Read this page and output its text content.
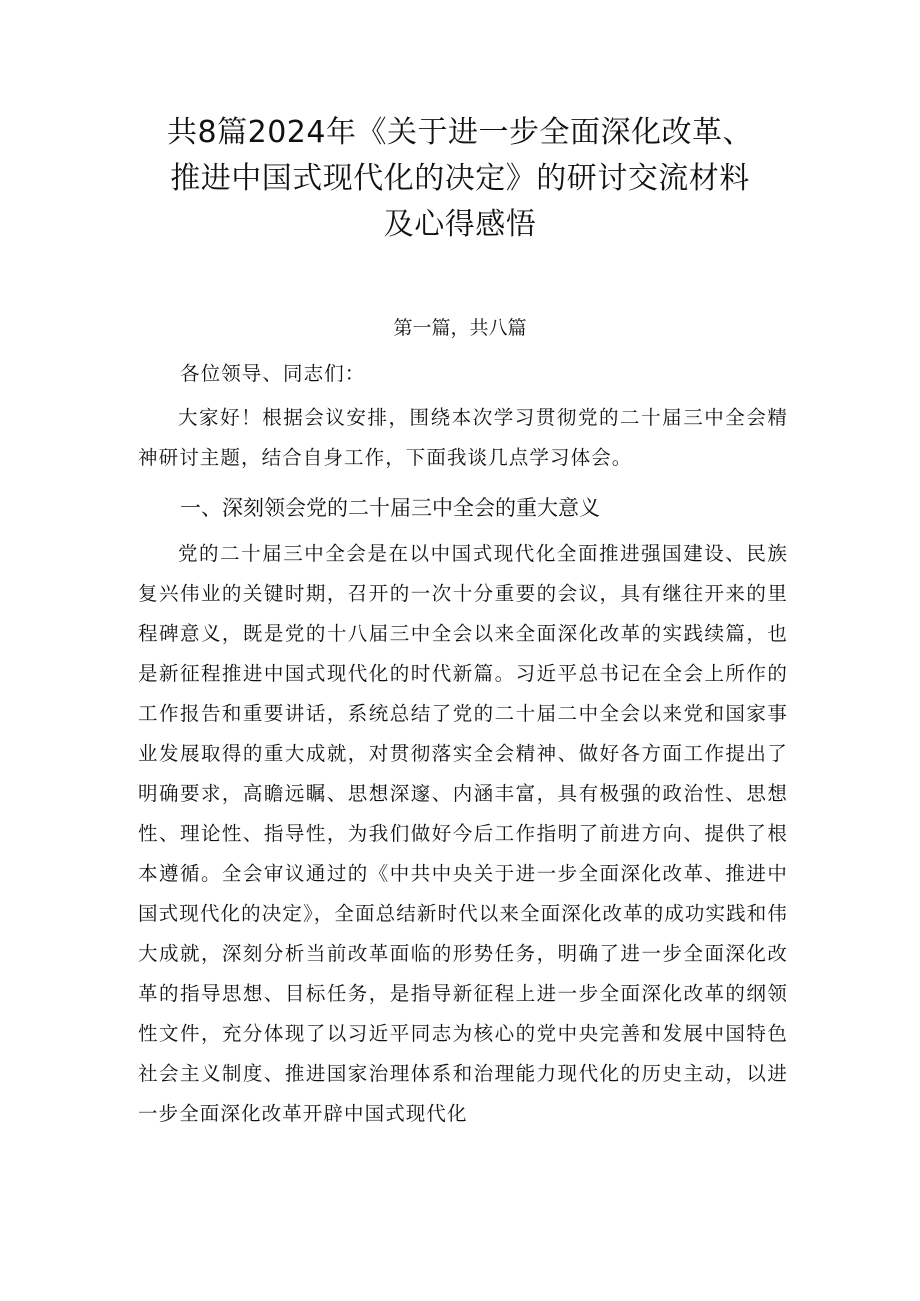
共8篇2024年《关于进一步全面深化改革、
推进中国式现代化的决定》的研讨交流材料
及心得感悟

第一篇，共八篇

各位领导、同志们：

大家好！根据会议安排，围绕本次学习贯彻党的二十届三中全会精神研讨主题，结合自身工作，下面我谈几点学习体会。

一、深刻领会党的二十届三中全会的重大意义

党的二十届三中全会是在以中国式现代化全面推进强国建设、民族复兴伟业的关键时期，召开的一次十分重要的会议，具有继往开来的里程碑意义，既是党的十八届三中全会以来全面深化改革的实践续篇，也是新征程推进中国式现代化的时代新篇。习近平总书记在全会上所作的工作报告和重要讲话，系统总结了党的二十届二中全会以来党和国家事业发展取得的重大成就，对贯彻落实全会精神、做好各方面工作提出了明确要求，高瞻远瞩、思想深邃、内涵丰富，具有极强的政治性、思想性、理论性、指导性，为我们做好今后工作指明了前进方向、提供了根本遵循。全会审议通过的《中共中央关于进一步全面深化改革、推进中国式现代化的决定》，全面总结新时代以来全面深化改革的成功实践和伟大成就，深刻分析当前改革面临的形势任务，明确了进一步全面深化改革的指导思想、目标任务，是指导新征程上进一步全面深化改革的纲领性文件，充分体现了以习近平同志为核心的党中央完善和发展中国特色社会主义制度、推进国家治理体系和治理能力现代化的历史主动，以进一步全面深化改革开辟中国式现代化
